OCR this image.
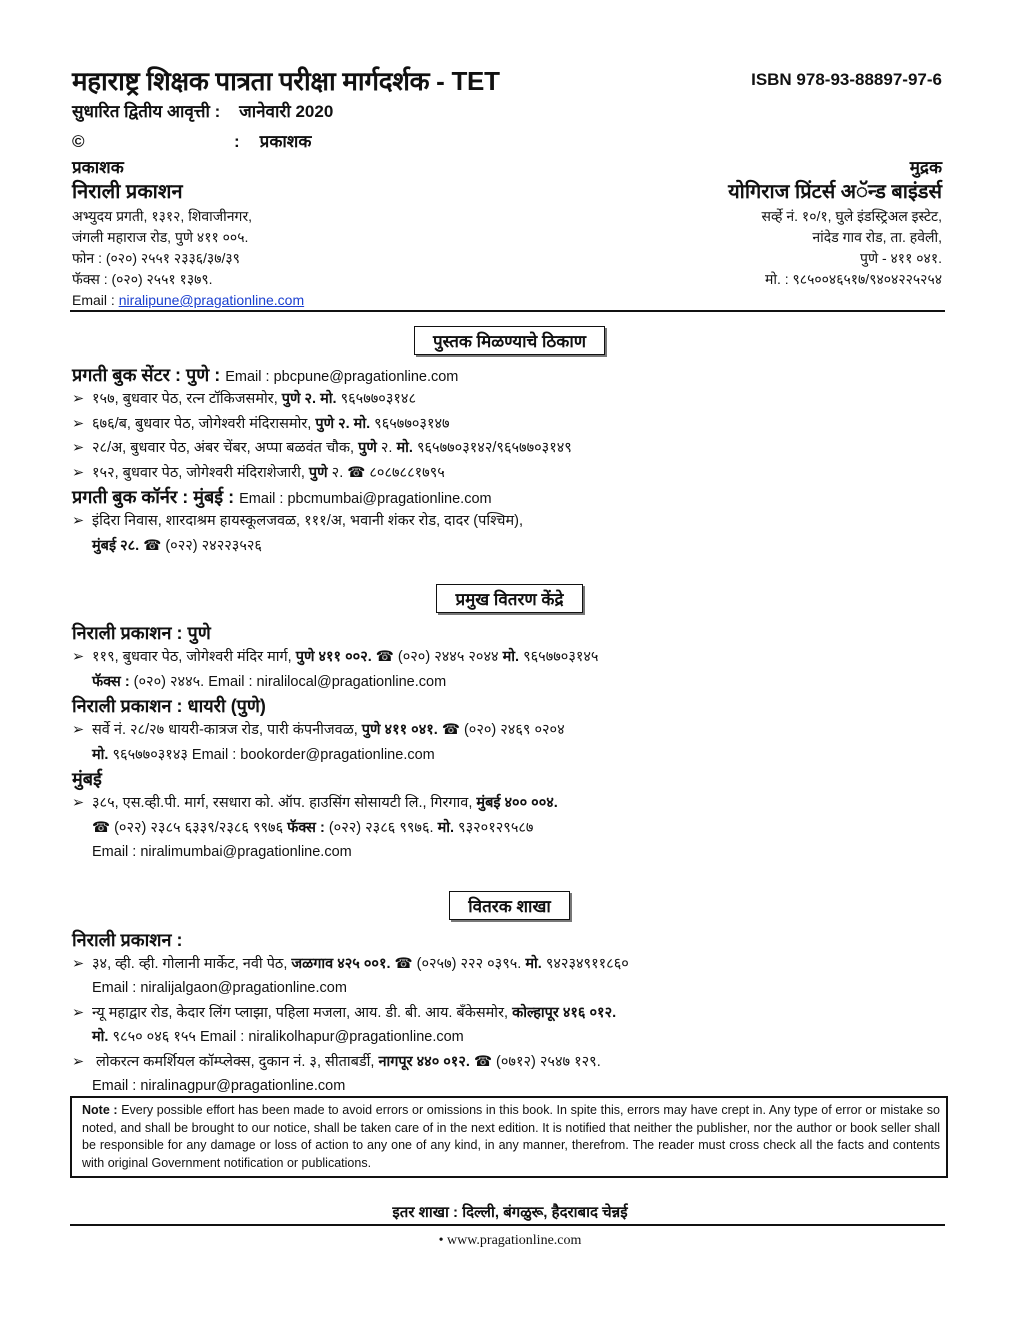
महाराष्ट्र शिक्षक पात्रता परीक्षा मार्गदर्शक - TET	ISBN 978-93-88897-97-6
सुधारित द्वितीय आवृत्ती : जानेवारी 2020
©	: प्रकाशक
प्रकाशक
निराली प्रकाशन
अभ्युदय प्रगती, १३१२, शिवाजीनगर,
जंगली महाराज रोड, पुणे ४११ ००५.
फोन : (०२०) २५५१ २३३६/३७/३९
फॅक्स : (०२०) २५५१ १३७९.
Email : niralipune@pragationline.com
मुद्रक
योगिराज प्रिंटर्स अॅन्ड बाइंडर्स
सर्व्हे नं. १०/१, घुले इंडस्ट्रिअल इस्टेट,
नांदेड गाव रोड, ता. हवेली,
पुणे - ४११ ०४१.
मो. : ९८५००४६५१७/९४०४२२५२५४
पुस्तक मिळण्याचे ठिकाण
प्रगती बुक सेंटर : पुणे : Email : pbcpune@pragationline.com
➢ १५७, बुधवार पेठ, रत्न टॉकिजसमोर, पुणे २. मो. ९६५७७०३१४८
➢ ६७६/ब, बुधवार पेठ, जोगेश्वरी मंदिरासमोर, पुणे २. मो. ९६५७७०३१४७
➢ २८/अ, बुधवार पेठ, अंबर चेंबर, अप्पा बळवंत चौक, पुणे २. मो. ९६५७७०३१४२/९६५७७०३१४९
➢ १५२, बुधवार पेठ, जोगेश्वरी मंदिराशेजारी, पुणे २. ☎ ८०८७८८१७९५
प्रगती बुक कॉर्नर : मुंबई : Email : pbcmumbai@pragationline.com
➢ इंदिरा निवास, शारदाश्रम हायस्कूलजवळ, १११/अ, भवानी शंकर रोड, दादर (पश्चिम),
मुंबई २८. ☎ (०२२) २४२२३५२६
प्रमुख वितरण केंद्रे
निराली प्रकाशन : पुणे
➢ ११९, बुधवार पेठ, जोगेश्वरी मंदिर मार्ग, पुणे ४११ ००२. ☎ (०२०) २४४५ २०४४ मो. ९६५७७०३१४५
फॅक्स : (०२०) २४४५. Email : niralilocal@pragationline.com
निराली प्रकाशन : धायरी (पुणे)
➢ सर्वे नं. २८/२७ धायरी-कात्रज रोड, पारी कंपनीजवळ, पुणे ४११ ०४१. ☎ (०२०) २४६९ ०२०४
मो. ९६५७७०३१४३ Email : bookorder@pragationline.com
मुंबई
➢ ३८५, एस.व्ही.पी. मार्ग, रसधारा को. ऑप. हाउसिंग सोसायटी लि., गिरगाव, मुंबई ४०० ००४.
☎ (०२२) २३८५ ६३३९/२३८६ ९९७६ फॅक्स : (०२२) २३८६ ९९७६. मो. ९३२०१२९५८७
Email : niralimumbai@pragationline.com
वितरक शाखा
निराली प्रकाशन :
➢ ३४, व्ही. व्ही. गोलानी मार्केट, नवी पेठ, जळगाव ४२५ ००१. ☎ (०२५७) २२२ ०३९५. मो. ९४२३४९११८६०
Email : niralijalgaon@pragationline.com
➢ न्यू महाद्वार रोड, केदार लिंग प्लाझा, पहिला मजला, आय. डी. बी. आय. बँकेसमोर, कोल्हापूर ४१६ ०१२.
मो. ९८५० ०४६ १५५ Email : niralikolhapur@pragationline.com
➢ लोकरत्न कमर्शियल कॉम्प्लेक्स, दुकान नं. ३, सीताबर्डी, नागपूर ४४० ०१२. ☎ (०७१२) २५४७ १२९.
Email : niralinagpur@pragationline.com
Note : Every possible effort has been made to avoid errors or omissions in this book. In spite this, errors may have crept in. Any type of error or mistake so noted, and shall be brought to our notice, shall be taken care of in the next edition. It is notified that neither the publisher, nor the author or book seller shall be responsible for any damage or loss of action to any one of any kind, in any manner, therefrom. The reader must cross check all the facts and contents with original Government notification or publications.
इतर शाखा : दिल्ली, बंगळुरू, हैदराबाद चेन्नई
• www.pragationline.com
